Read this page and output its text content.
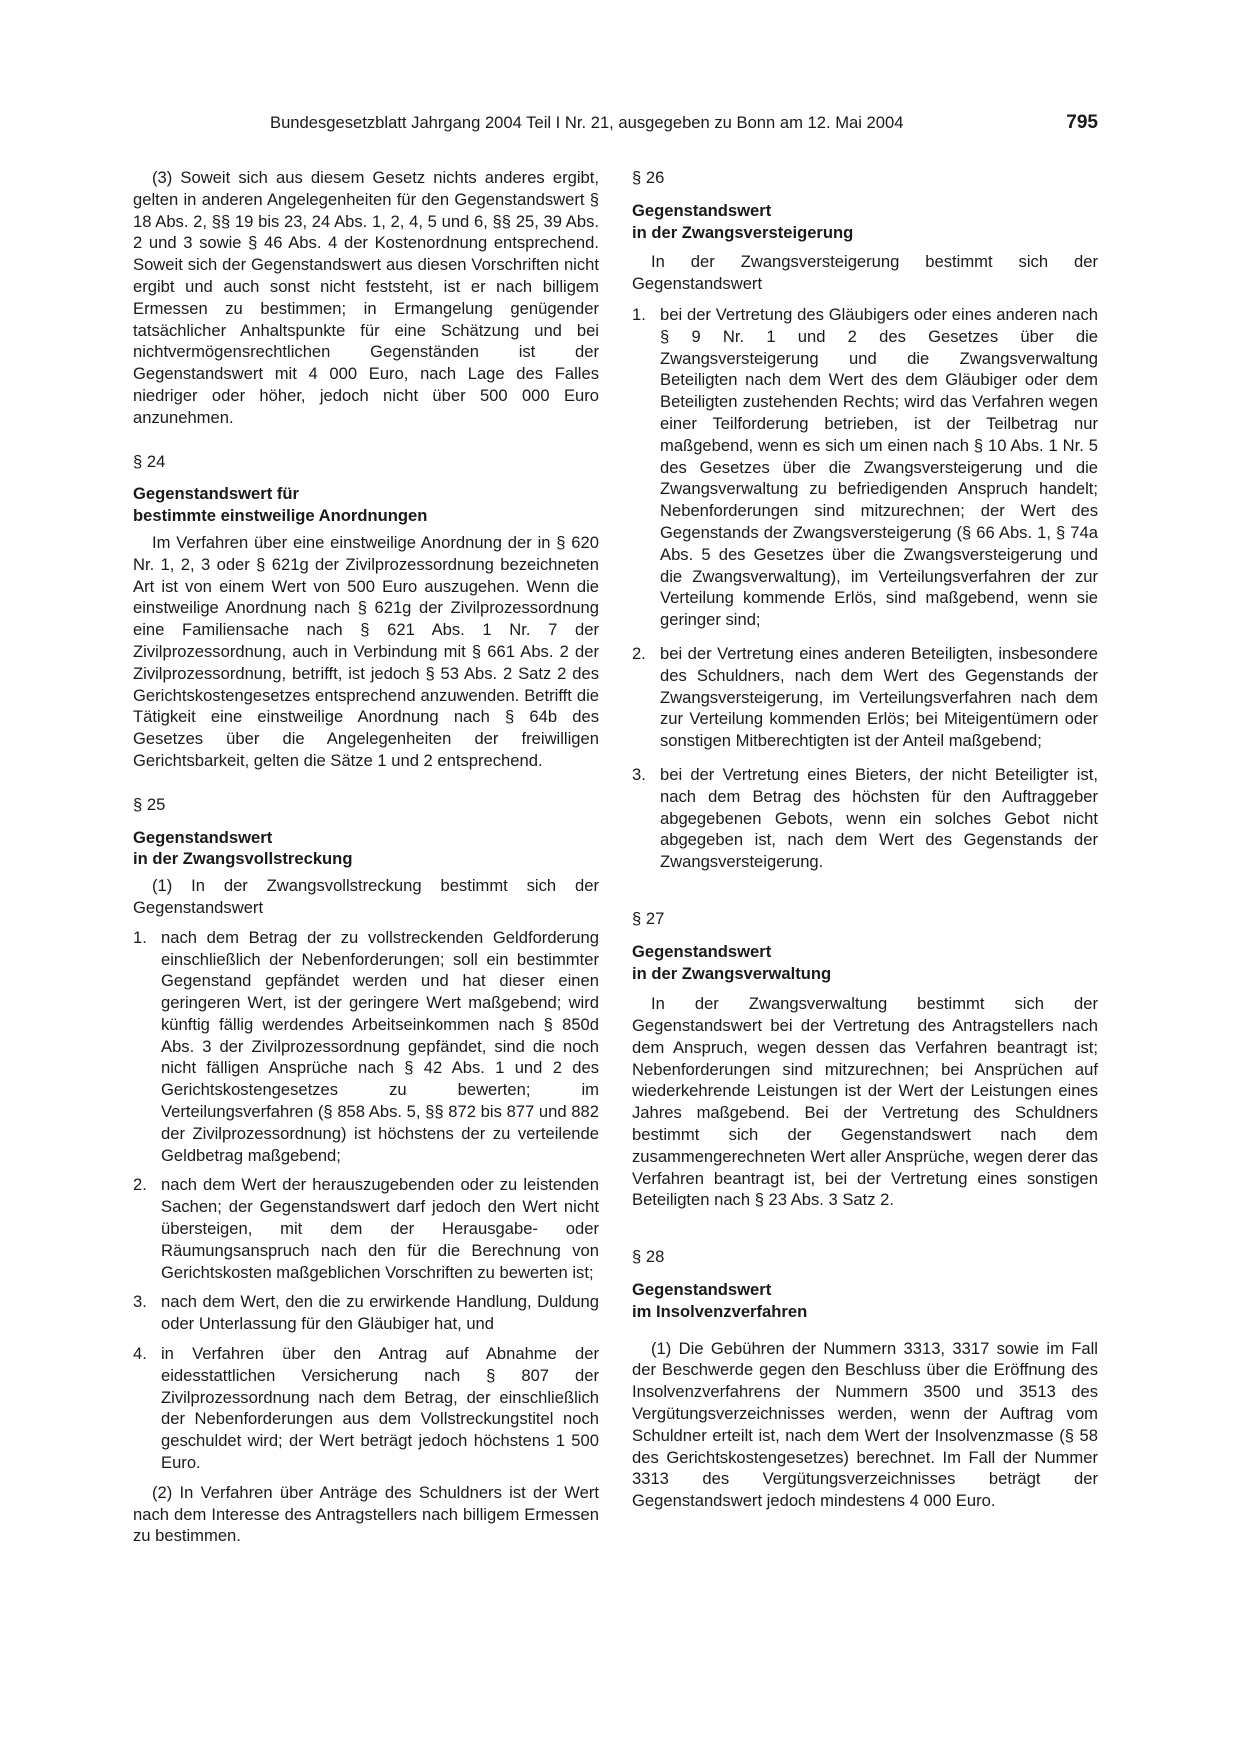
Bundesgesetzblatt Jahrgang 2004 Teil I Nr. 21, ausgegeben zu Bonn am 12. Mai 2004	795

(3) Soweit sich aus diesem Gesetz nichts anderes ergibt, gelten in anderen Angelegenheiten für den Gegenstandswert § 18 Abs. 2, §§ 19 bis 23, 24 Abs. 1, 2, 4, 5 und 6, §§ 25, 39 Abs. 2 und 3 sowie § 46 Abs. 4 der Kostenordnung entsprechend. Soweit sich der Gegenstandswert aus diesen Vorschriften nicht ergibt und auch sonst nicht feststeht, ist er nach billigem Ermessen zu bestimmen; in Ermangelung genügender tatsächlicher Anhaltspunkte für eine Schätzung und bei nichtvermögensrechtlichen Gegenständen ist der Gegenstandswert mit 4 000 Euro, nach Lage des Falles niedriger oder höher, jedoch nicht über 500 000 Euro anzunehmen.

§ 24

Gegenstandswert für

bestimmte einstweilige Anordnungen

Im Verfahren über eine einstweilige Anordnung der in § 620 Nr. 1, 2, 3 oder § 621g der Zivilprozessordnung bezeichneten Art ist von einem Wert von 500 Euro auszugehen. Wenn die einstweilige Anordnung nach § 621g der Zivilprozessordnung eine Familiensache nach § 621 Abs. 1 Nr. 7 der Zivilprozessordnung, auch in Verbindung mit § 661 Abs. 2 der Zivilprozessordnung, betrifft, ist jedoch § 53 Abs. 2 Satz 2 des Gerichtskostengesetzes entsprechend anzuwenden. Betrifft die Tätigkeit eine einstweilige Anordnung nach § 64b des Gesetzes über die Angelegenheiten der freiwilligen Gerichtsbarkeit, gelten die Sätze 1 und 2 entsprechend.

§ 25

Gegenstandswert

in der Zwangsvollstreckung

(1) In der Zwangsvollstreckung bestimmt sich der Gegenstandswert

1. nach dem Betrag der zu vollstreckenden Geldforderung einschließlich der Nebenforderungen; soll ein bestimmter Gegenstand gepfändet werden und hat dieser einen geringeren Wert, ist der geringere Wert maßgebend; wird künftig fällig werdendes Arbeitseinkommen nach § 850d Abs. 3 der Zivilprozessordnung gepfändet, sind die noch nicht fälligen Ansprüche nach § 42 Abs. 1 und 2 des Gerichtskostengesetzes zu bewerten; im Verteilungsverfahren (§ 858 Abs. 5, §§ 872 bis 877 und 882 der Zivilprozessordnung) ist höchstens der zu verteilende Geldbetrag maßgebend;
2. nach dem Wert der herauszugebenden oder zu leistenden Sachen; der Gegenstandswert darf jedoch den Wert nicht übersteigen, mit dem der Herausgabe- oder Räumungsanspruch nach den für die Berechnung von Gerichtskosten maßgeblichen Vorschriften zu bewerten ist;
3. nach dem Wert, den die zu erwirkende Handlung, Duldung oder Unterlassung für den Gläubiger hat, und
4. in Verfahren über den Antrag auf Abnahme der eidesstattlichen Versicherung nach § 807 der Zivilprozessordnung nach dem Betrag, der einschließlich der Nebenforderungen aus dem Vollstreckungstitel noch geschuldet wird; der Wert beträgt jedoch höchstens 1 500 Euro.

(2) In Verfahren über Anträge des Schuldners ist der Wert nach dem Interesse des Antragstellers nach billigem Ermessen zu bestimmen.

§ 26

Gegenstandswert

in der Zwangsversteigerung

In der Zwangsversteigerung bestimmt sich der Gegenstandswert

1. bei der Vertretung des Gläubigers oder eines anderen nach § 9 Nr. 1 und 2 des Gesetzes über die Zwangsversteigerung und die Zwangsverwaltung Beteiligten nach dem Wert des dem Gläubiger oder dem Beteiligten zustehenden Rechts; wird das Verfahren wegen einer Teilforderung betrieben, ist der Teilbetrag nur maßgebend, wenn es sich um einen nach § 10 Abs. 1 Nr. 5 des Gesetzes über die Zwangsversteigerung und die Zwangsverwaltung zu befriedigenden Anspruch handelt; Nebenforderungen sind mitzurechnen; der Wert des Gegenstands der Zwangsversteigerung (§ 66 Abs. 1, § 74a Abs. 5 des Gesetzes über die Zwangsversteigerung und die Zwangsverwaltung), im Verteilungsverfahren der zur Verteilung kommende Erlös, sind maßgebend, wenn sie geringer sind;
2. bei der Vertretung eines anderen Beteiligten, insbesondere des Schuldners, nach dem Wert des Gegenstands der Zwangsversteigerung, im Verteilungsverfahren nach dem zur Verteilung kommenden Erlös; bei Miteigentümern oder sonstigen Mitberechtigten ist der Anteil maßgebend;
3. bei der Vertretung eines Bieters, der nicht Beteiligter ist, nach dem Betrag des höchsten für den Auftraggeber abgegebenen Gebots, wenn ein solches Gebot nicht abgegeben ist, nach dem Wert des Gegenstands der Zwangsversteigerung.

§ 27

Gegenstandswert

in der Zwangsverwaltung

In der Zwangsverwaltung bestimmt sich der Gegenstandswert bei der Vertretung des Antragstellers nach dem Anspruch, wegen dessen das Verfahren beantragt ist; Nebenforderungen sind mitzurechnen; bei Ansprüchen auf wiederkehrende Leistungen ist der Wert der Leistungen eines Jahres maßgebend. Bei der Vertretung des Schuldners bestimmt sich der Gegenstandswert nach dem zusammengerechneten Wert aller Ansprüche, wegen derer das Verfahren beantragt ist, bei der Vertretung eines sonstigen Beteiligten nach § 23 Abs. 3 Satz 2.

§ 28

Gegenstandswert

im Insolvenzverfahren

(1) Die Gebühren der Nummern 3313, 3317 sowie im Fall der Beschwerde gegen den Beschluss über die Eröffnung des Insolvenzverfahrens der Nummern 3500 und 3513 des Vergütungsverzeichnisses werden, wenn der Auftrag vom Schuldner erteilt ist, nach dem Wert der Insolvenzmasse (§ 58 des Gerichtskostengesetzes) berechnet. Im Fall der Nummer 3313 des Vergütungsverzeichnisses beträgt der Gegenstandswert jedoch mindestens 4 000 Euro.
